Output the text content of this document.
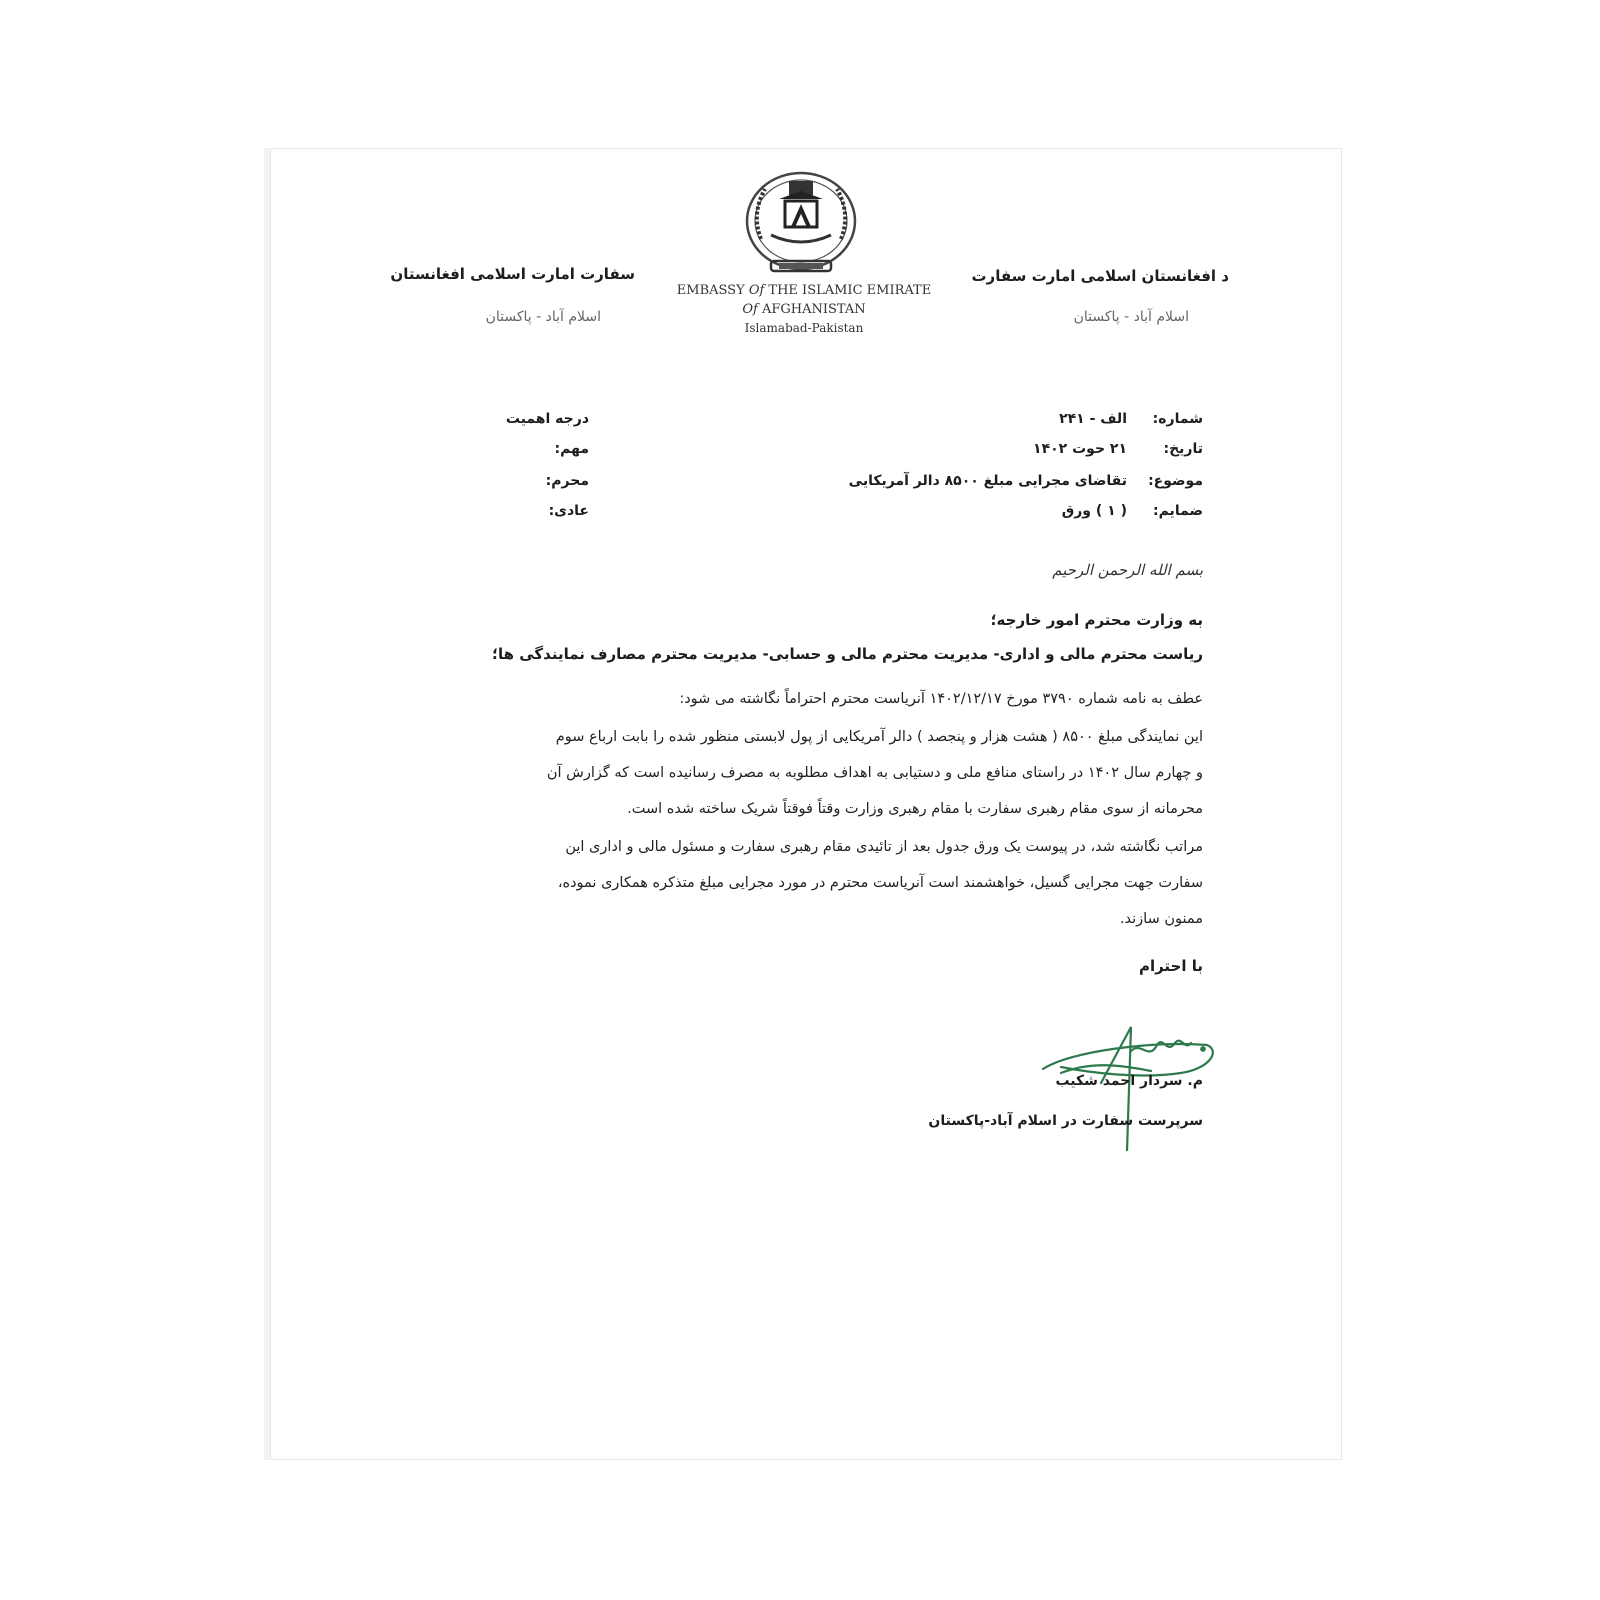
د افغانستان اسلامی امارت سفارت
اسلام آباد - پاکستان
سفارت امارت اسلامی افغانستان
اسلام آباد - پاکستان
EMBASSY Of THE ISLAMIC EMIRATE
Of AFGHANISTAN
Islamabad-Pakistan
شماره:
الف - ۲۴۱
تاریخ:
۲۱ حوت ۱۴۰۲
موضوع:
تقاضای مجرایی مبلغ ۸۵۰۰ دالر آمریکایی
ضمایم:
( ۱ ) ورق
درجه اهمیت
مهم:
محرم:
عادی:
بسم الله الرحمن الرحیم
به وزارت محترم امور خارجه؛
ریاست محترم مالی و اداری- مدیریت محترم مالی و حسابی- مدیریت محترم مصارف نمایندگی ها؛
عطف به نامه شماره ۳۷۹۰ مورخ ۱۴۰۲/۱۲/۱۷ آنریاست محترم احتراماً نگاشته می شود:
این نمایندگی مبلغ ۸۵۰۰ ( هشت هزار و پنجصد ) دالر آمریکایی از پول لابستی منظور شده را بابت ارباع سوم
و چهارم سال ۱۴۰۲ در راستای منافع ملی و دستیابی به اهداف مطلوبه به مصرف رسانیده است که گزارش آن
محرمانه از سوی مقام رهبری سفارت با مقام رهبری وزارت وقتاً فوقتاً شریک ساخته شده است.
مراتب نگاشته شد، در پیوست یک ورق جدول بعد از تائیدی مقام رهبری سفارت و مسئول مالی و اداری این
سفارت جهت مجرایی گسیل، خواهشمند است آنریاست محترم در مورد مجرایی مبلغ متذکره همکاری نموده،
ممنون سازند.
با احترام
م. سردار احمد شکیب
سرپرست سفارت در اسلام آباد-پاکستان
